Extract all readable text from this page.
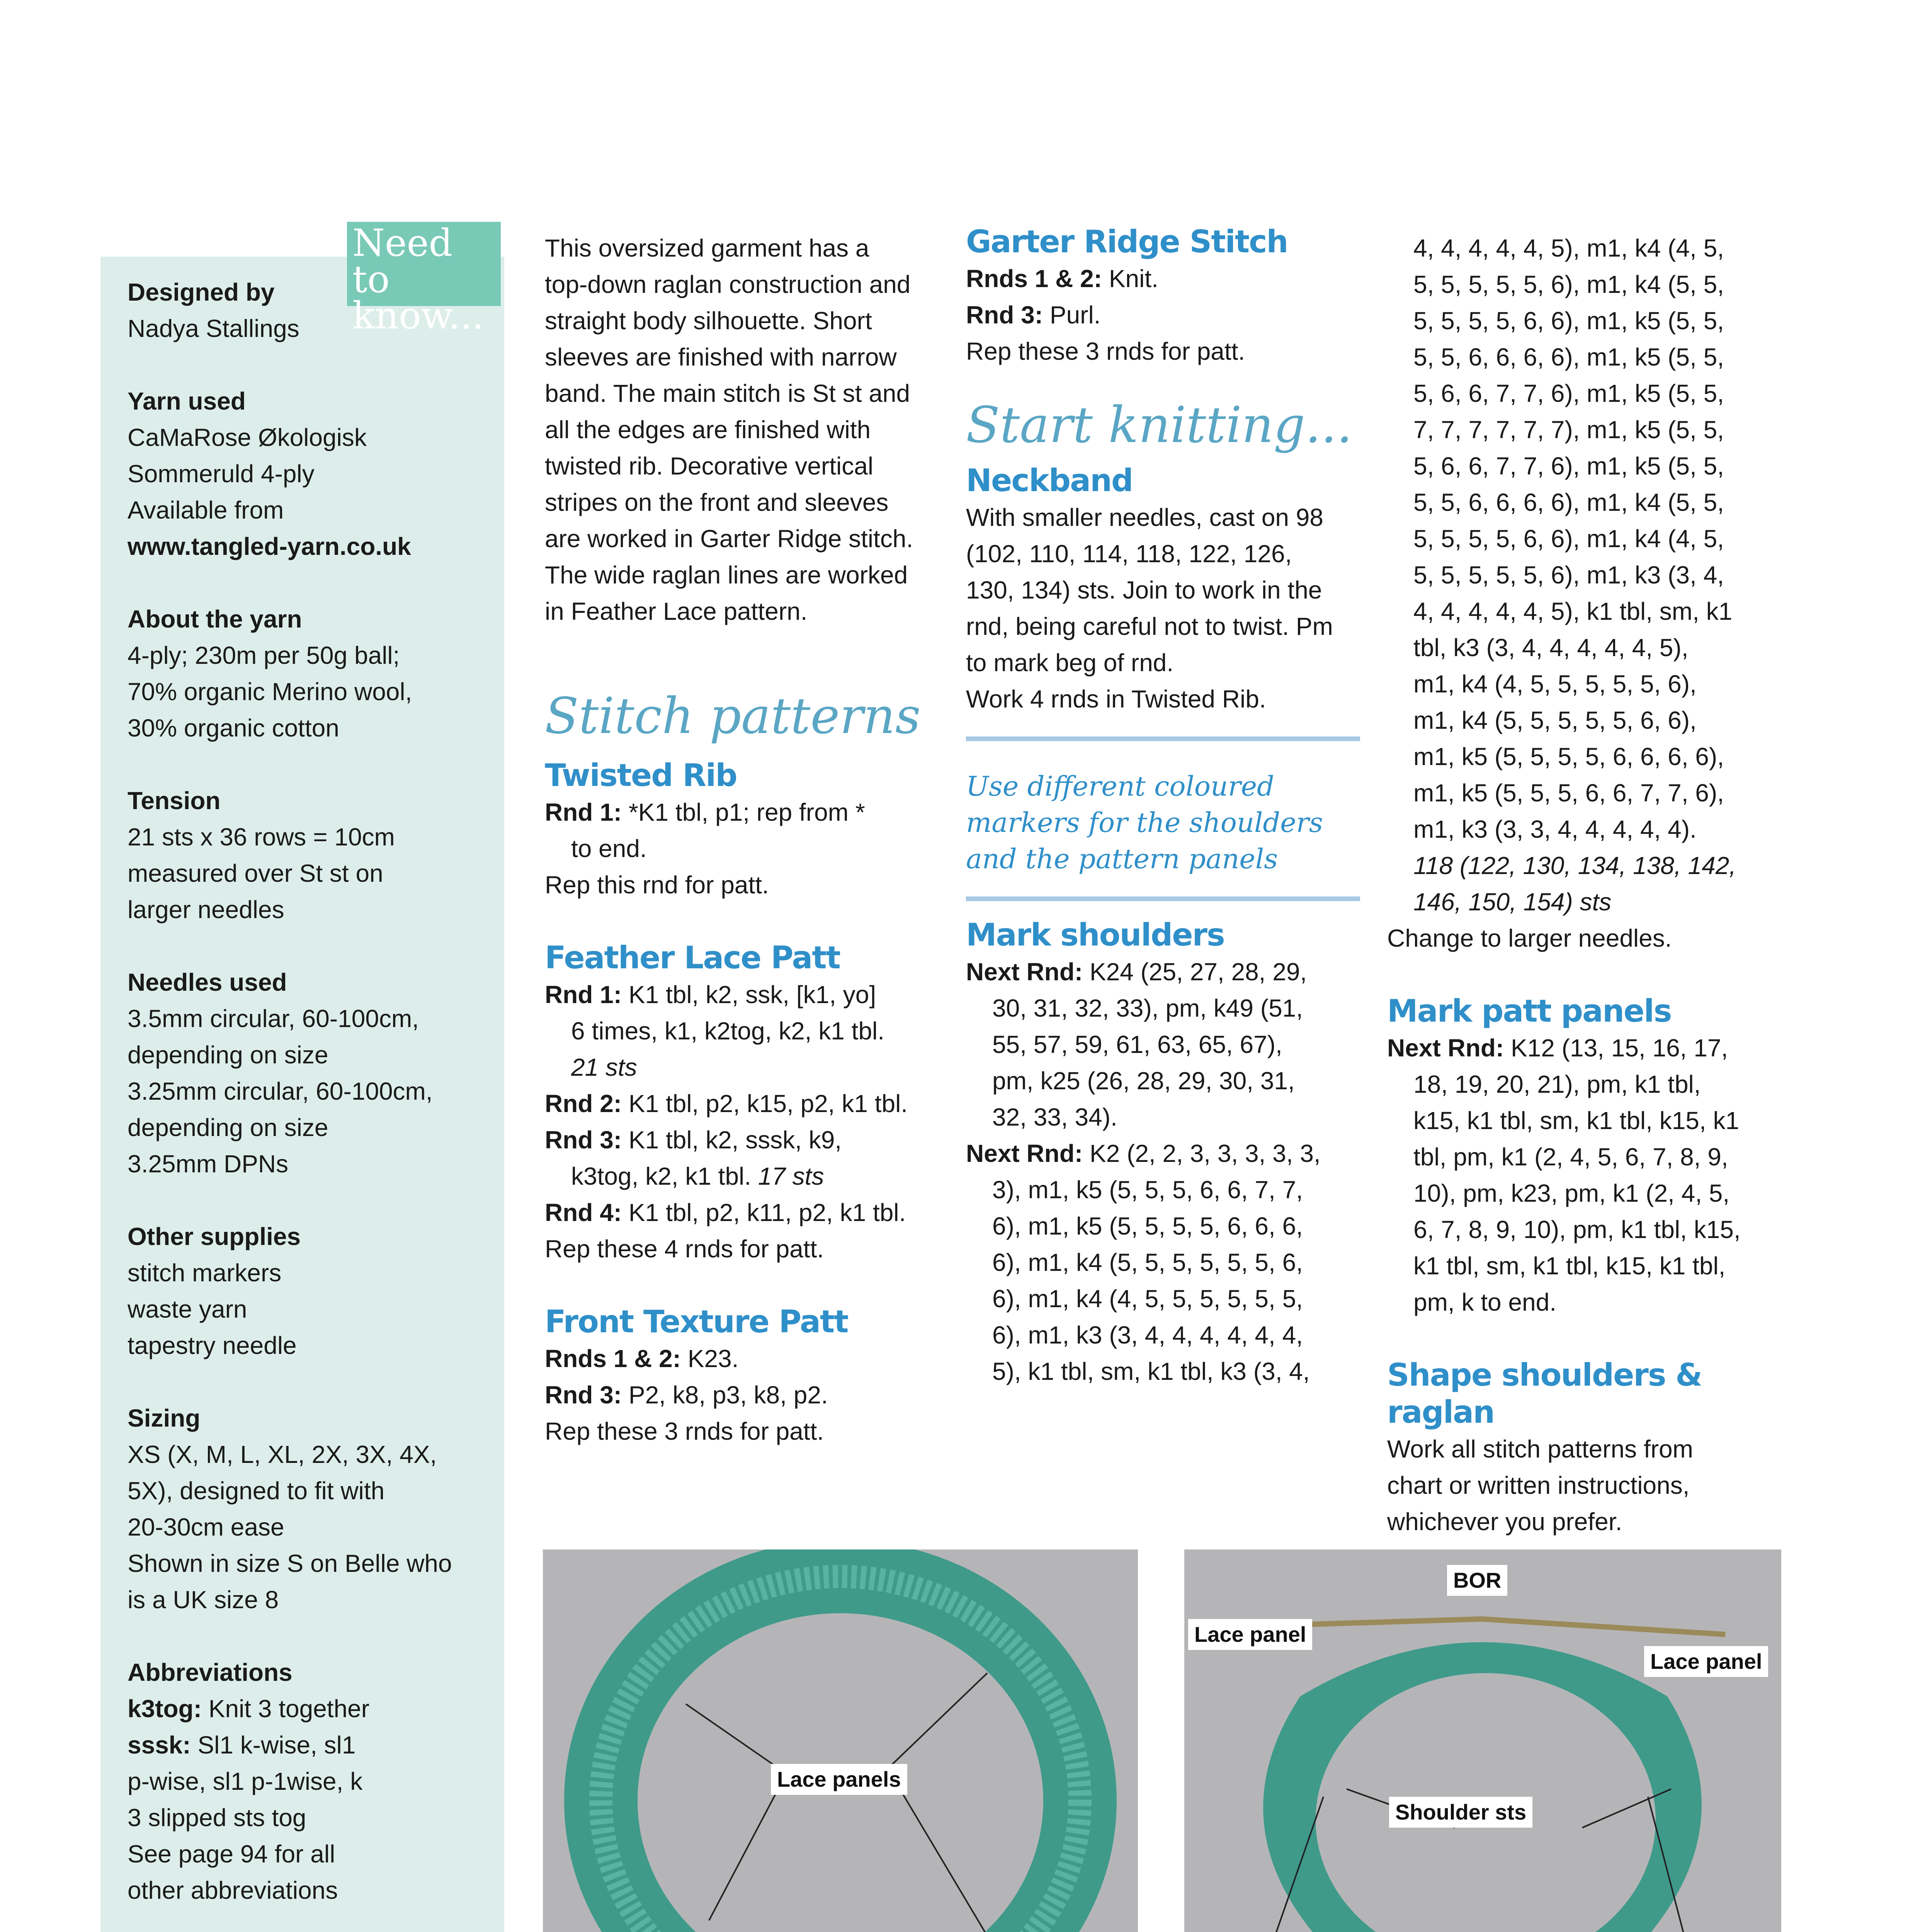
Designed by
Nadya Stallings
Yarn used
CaMaRose Økologisk
Sommeruld 4-ply
Available from
www.tangled-yarn.co.uk
About the yarn
4-ply; 230m per 50g ball;
70% organic Merino wool,
30% organic cotton
Tension
21 sts x 36 rows = 10cm
measured over St st on
larger needles
Needles used
3.5mm circular, 60-100cm,
depending on size
3.25mm circular, 60-100cm,
depending on size
3.25mm DPNs
Other supplies
stitch markers
waste yarn
tapestry needle
Sizing
XS (X, M, L, XL, 2X, 3X, 4X,
5X), designed to fit with
20-30cm ease
Shown in size S on Belle who
is a UK size 8
Abbreviations
k3tog: Knit 3 together
sssk: Sl1 k-wise, sl1
p-wise, sl1 p-1wise, k
3 slipped sts tog
See page 94 for all
other abbreviations
Need to know...
This oversized garment has a
top-down raglan construction and
straight body silhouette. Short
sleeves are finished with narrow
band. The main stitch is St st and
all the edges are finished with
twisted rib. Decorative vertical
stripes on the front and sleeves
are worked in Garter Ridge stitch.
The wide raglan lines are worked
in Feather Lace pattern.
Stitch patterns
Twisted Rib
Rnd 1: *K1 tbl, p1; rep from *
to end.
Rep this rnd for patt.
Feather Lace Patt
Rnd 1: K1 tbl, k2, ssk, [k1, yo]
6 times, k1, k2tog, k2, k1 tbl.
21 sts
Rnd 2: K1 tbl, p2, k15, p2, k1 tbl.
Rnd 3: K1 tbl, k2, sssk, k9,
k3tog, k2, k1 tbl. 17 sts
Rnd 4: K1 tbl, p2, k11, p2, k1 tbl.
Rep these 4 rnds for patt.
Front Texture Patt
Rnds 1 & 2: K23.
Rnd 3: P2, k8, p3, k8, p2.
Rep these 3 rnds for patt.
Garter Ridge Stitch
Rnds 1 & 2: Knit.
Rnd 3: Purl.
Rep these 3 rnds for patt.
Start knitting...
Neckband
With smaller needles, cast on 98
(102, 110, 114, 118, 122, 126,
130, 134) sts. Join to work in the
rnd, being careful not to twist. Pm
to mark beg of rnd.
Work 4 rnds in Twisted Rib.
Use different coloured
markers for the shoulders
and the pattern panels
Mark shoulders
Next Rnd: K24 (25, 27, 28, 29,
30, 31, 32, 33), pm, k49 (51,
55, 57, 59, 61, 63, 65, 67),
pm, k25 (26, 28, 29, 30, 31,
32, 33, 34).
Next Rnd: K2 (2, 2, 3, 3, 3, 3, 3,
3), m1, k5 (5, 5, 5, 6, 6, 7, 7,
6), m1, k5 (5, 5, 5, 5, 6, 6, 6,
6), m1, k4 (5, 5, 5, 5, 5, 5, 6,
6), m1, k4 (4, 5, 5, 5, 5, 5, 5,
6), m1, k3 (3, 4, 4, 4, 4, 4, 4,
5), k1 tbl, sm, k1 tbl, k3 (3, 4,
4, 4, 4, 4, 4, 5), m1, k4 (4, 5,
5, 5, 5, 5, 5, 6), m1, k4 (5, 5,
5, 5, 5, 5, 6, 6), m1, k5 (5, 5,
5, 5, 6, 6, 6, 6), m1, k5 (5, 5,
5, 6, 6, 7, 7, 6), m1, k5 (5, 5,
7, 7, 7, 7, 7, 7), m1, k5 (5, 5,
5, 6, 6, 7, 7, 6), m1, k5 (5, 5,
5, 5, 6, 6, 6, 6), m1, k4 (5, 5,
5, 5, 5, 5, 6, 6), m1, k4 (4, 5,
5, 5, 5, 5, 5, 6), m1, k3 (3, 4,
4, 4, 4, 4, 4, 5), k1 tbl, sm, k1
tbl, k3 (3, 4, 4, 4, 4, 4, 5),
m1, k4 (4, 5, 5, 5, 5, 5, 6),
m1, k4 (5, 5, 5, 5, 5, 6, 6),
m1, k5 (5, 5, 5, 5, 6, 6, 6, 6),
m1, k5 (5, 5, 5, 6, 6, 7, 7, 6),
m1, k3 (3, 3, 4, 4, 4, 4, 4).
118 (122, 130, 134, 138, 142,
146, 150, 154) sts
Change to larger needles.
Mark patt panels
Next Rnd: K12 (13, 15, 16, 17,
18, 19, 20, 21), pm, k1 tbl,
k15, k1 tbl, sm, k1 tbl, k15, k1
tbl, pm, k1 (2, 4, 5, 6, 7, 8, 9,
10), pm, k23, pm, k1 (2, 4, 5,
6, 7, 8, 9, 10), pm, k1 tbl, k15,
k1 tbl, sm, k1 tbl, k15, k1 tbl,
pm, k to end.
Shape shoulders & raglan
Work all stitch patterns from
chart or written instructions,
whichever you prefer.
Lace panels
BOR
Lace panel
Lace panel
Shoulder sts
